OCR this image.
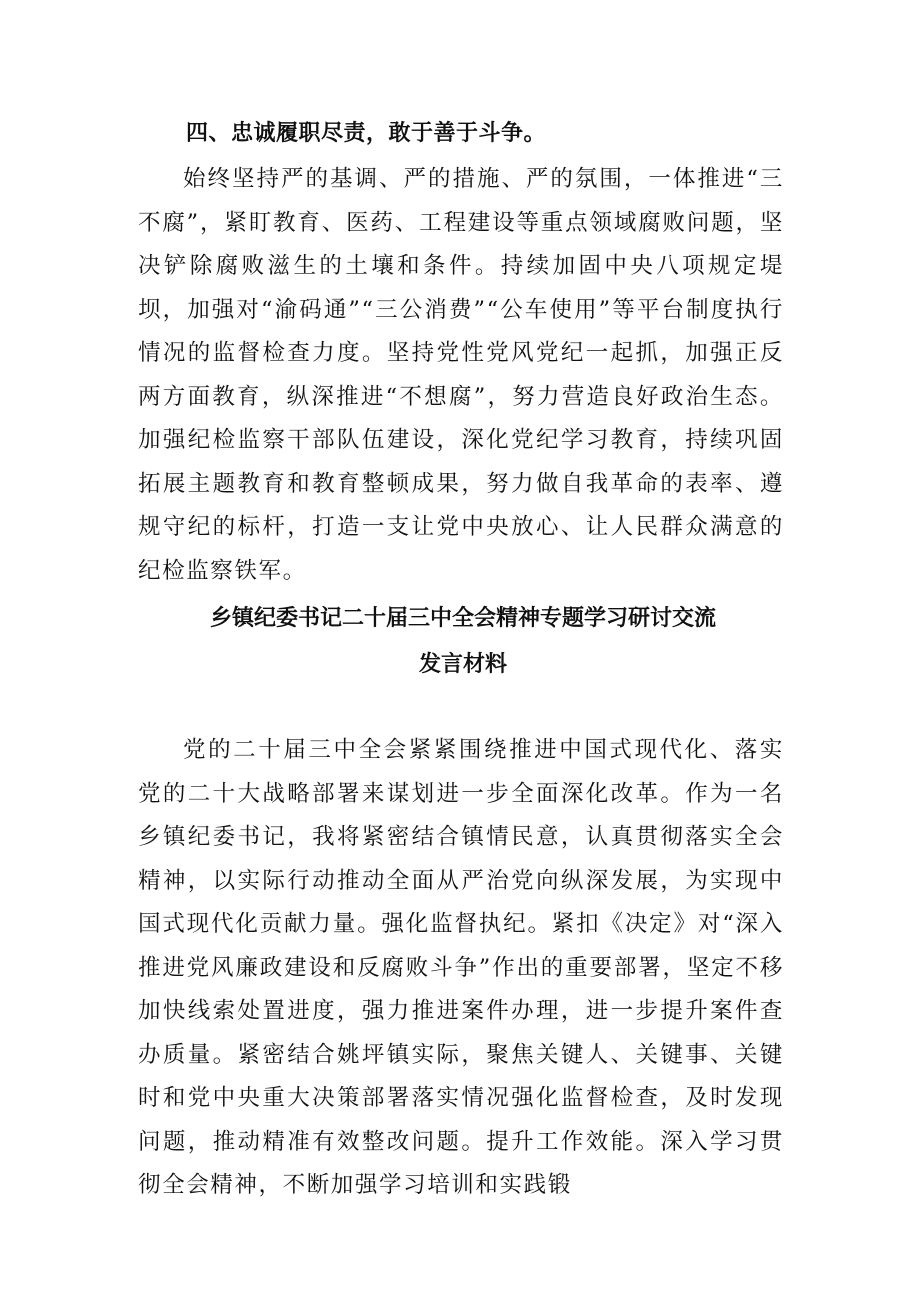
四、忠诚履职尽责，敢于善于斗争。

始终坚持严的基调、严的措施、严的氛围，一体推进“三不腐”，紧盯教育、医药、工程建设等重点领域腐败问题，坚决铲除腐败滋生的土壤和条件。持续加固中央八项规定堤坝，加强对“渝码通”“三公消费”“公车使用”等平台制度执行情况的监督检查力度。坚持党性党风党纪一起抓，加强正反两方面教育，纵深推进“不想腐”，努力营造良好政治生态。加强纪检监察干部队伍建设，深化党纪学习教育，持续巩固拓展主题教育和教育整顿成果，努力做自我革命的表率、遵规守纪的标杆，打造一支让党中央放心、让人民群众满意的纪检监察铁军。

乡镇纪委书记二十届三中全会精神专题学习研讨交流
发言材料

党的二十届三中全会紧紧围绕推进中国式现代化、落实党的二十大战略部署来谋划进一步全面深化改革。作为一名乡镇纪委书记，我将紧密结合镇情民意，认真贯彻落实全会精神，以实际行动推动全面从严治党向纵深发展，为实现中国式现代化贡献力量。强化监督执纪。紧扣《决定》对“深入推进党风廉政建设和反腐败斗争”作出的重要部署，坚定不移加快线索处置进度，强力推进案件办理，进一步提升案件查办质量。紧密结合姚坪镇实际，聚焦关键人、关键事、关键时和党中央重大决策部署落实情况强化监督检查，及时发现问题，推动精准有效整改问题。提升工作效能。深入学习贯彻全会精神，不断加强学习培训和实践锻
